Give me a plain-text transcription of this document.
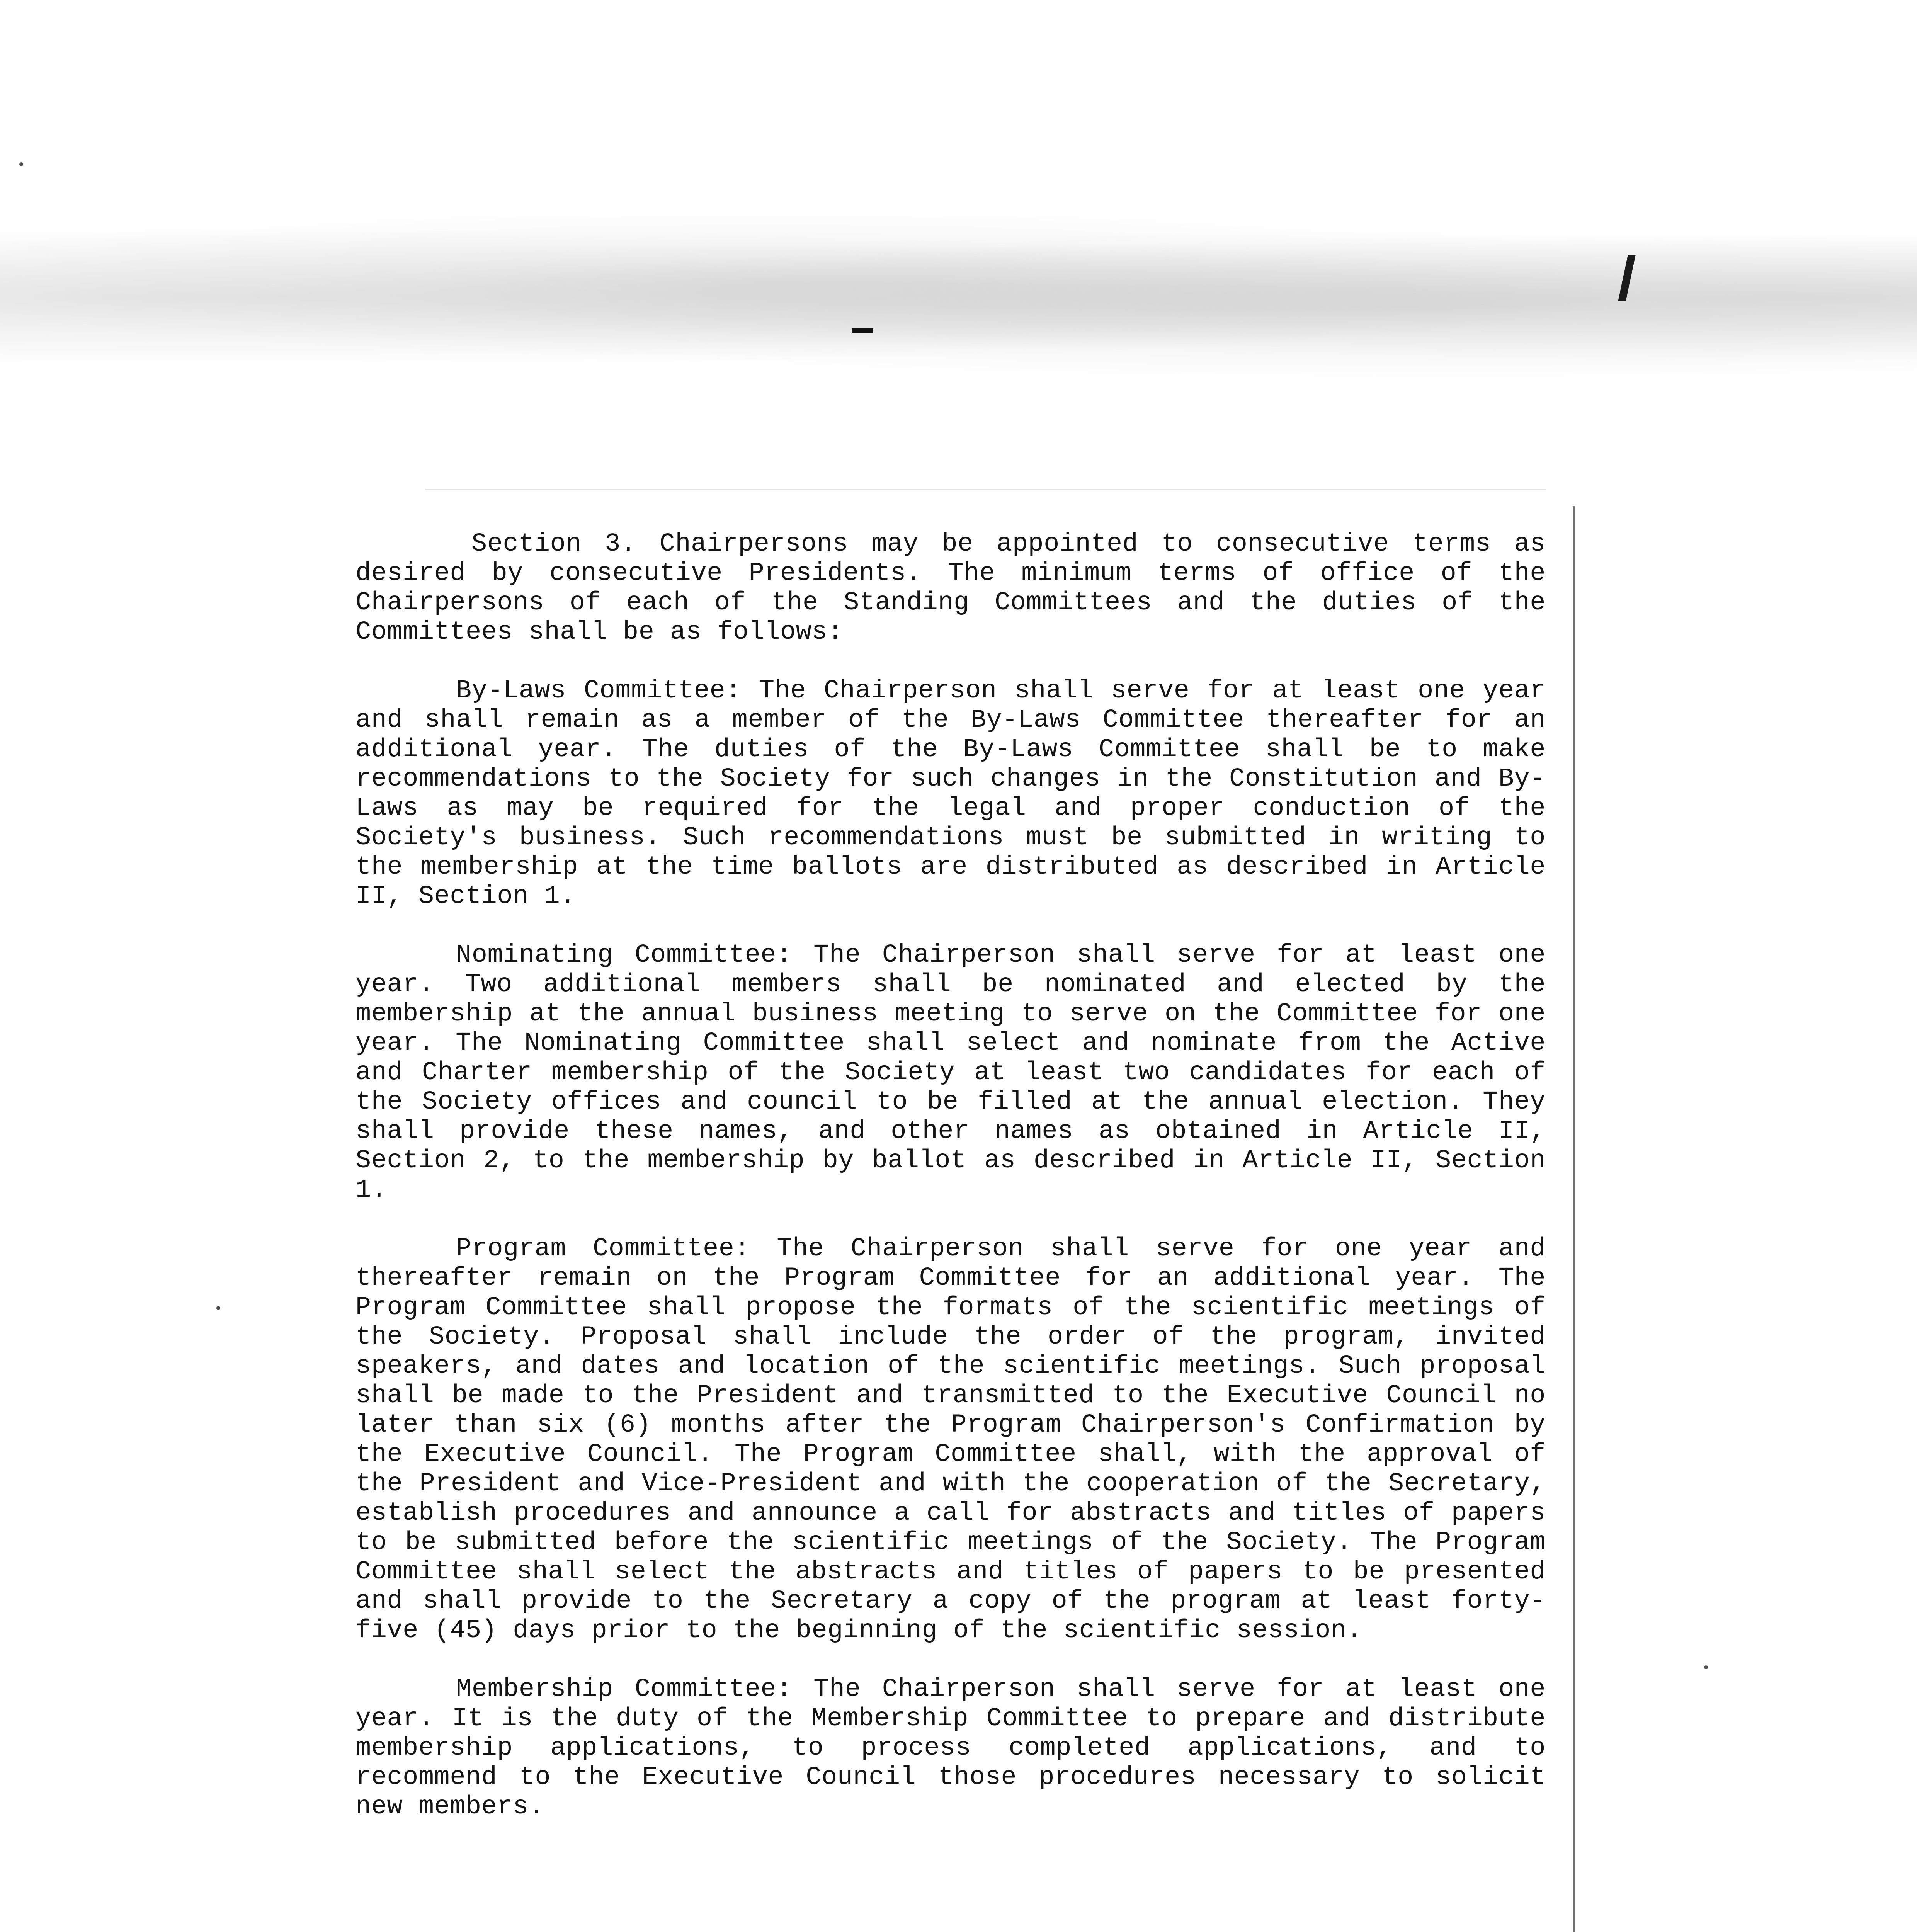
Section 3. Chairpersons may be appointed to consecutive terms as desired by consecutive Presidents. The minimum terms of office of the Chairpersons of each of the Standing Committees and the duties of the Committees shall be as follows:

By-Laws Committee: The Chairperson shall serve for at least one year and shall remain as a member of the By-Laws Committee thereafter for an additional year. The duties of the By-Laws Committee shall be to make recommendations to the Society for such changes in the Constitution and By-Laws as may be required for the legal and proper conduction of the Society's business. Such recommendations must be submitted in writing to the membership at the time ballots are distributed as described in Article II, Section 1.

Nominating Committee: The Chairperson shall serve for at least one year. Two additional members shall be nominated and elected by the membership at the annual business meeting to serve on the Committee for one year. The Nominating Committee shall select and nominate from the Active and Charter membership of the Society at least two candidates for each of the Society offices and council to be filled at the annual election. They shall provide these names, and other names as obtained in Article II, Section 2, to the membership by ballot as described in Article II, Section 1.

Program Committee: The Chairperson shall serve for one year and thereafter remain on the Program Committee for an additional year. The Program Committee shall propose the formats of the scientific meetings of the Society. Proposal shall include the order of the program, invited speakers, and dates and location of the scientific meetings. Such proposal shall be made to the President and transmitted to the Executive Council no later than six (6) months after the Program Chairperson's Confirmation by the Executive Council. The Program Committee shall, with the approval of the President and Vice-President and with the cooperation of the Secretary, establish procedures and announce a call for abstracts and titles of papers to be submitted before the scientific meetings of the Society. The Program Committee shall select the abstracts and titles of papers to be presented and shall provide to the Secretary a copy of the program at least forty-five (45) days prior to the beginning of the scientific session.

Membership Committee: The Chairperson shall serve for at least one year. It is the duty of the Membership Committee to prepare and distribute membership applications, to process completed applications, and to recommend to the Executive Council those procedures necessary to solicit new members.
